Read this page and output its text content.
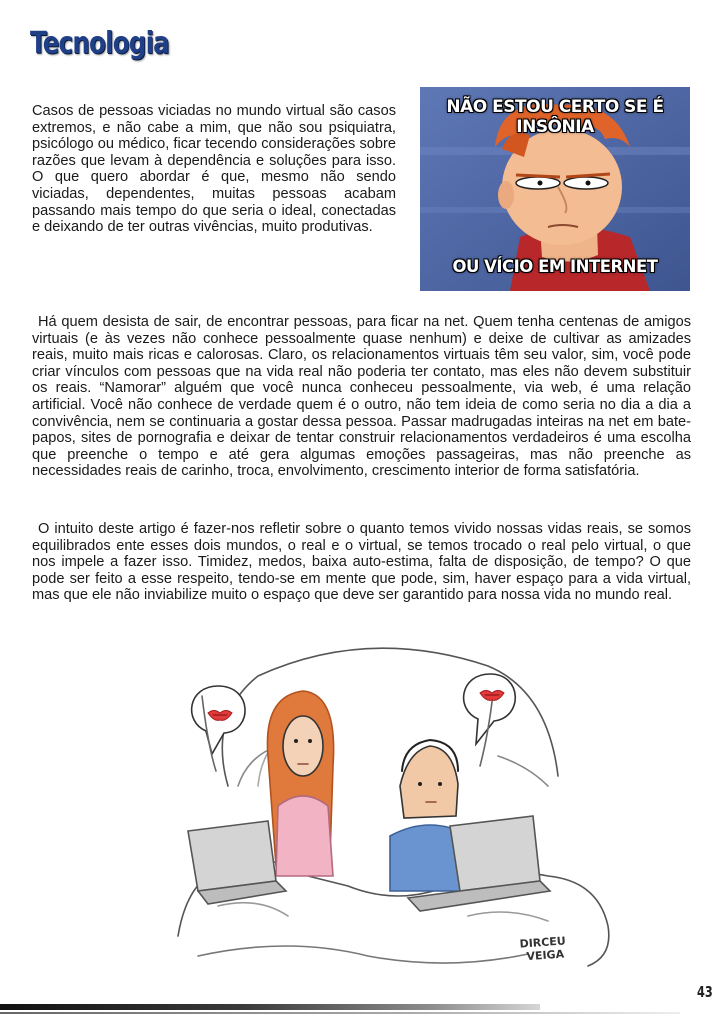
Tecnologia

Casos de pessoas viciadas no mundo virtual são casos extremos, e não cabe a mim, que não sou psiquiatra, psicólogo ou médico, ficar tecendo considerações sobre razões que levam à dependência e soluções para isso. O que quero abordar é que, mesmo não sendo viciadas, dependentes, muitas pessoas acabam passando mais tempo do que seria o ideal, conectadas e deixando de ter outras vivências, muito produtivas.

NÃO ESTOU CERTO SE É INSÔNIA
OU VÍCIO EM INTERNET

Há quem desista de sair, de encontrar pessoas, para ficar na net. Quem tenha centenas de amigos virtuais (e às vezes não conhece pessoalmente quase nenhum) e deixe de cultivar as amizades reais, muito mais ricas e calorosas. Claro, os relacionamentos virtuais têm seu valor, sim, você pode criar vínculos com pessoas que na vida real não poderia ter contato, mas eles não devem substituir os reais. “Namorar” alguém que você nunca conheceu pessoalmente, via web, é uma relação artificial. Você não conhece de verdade quem é o outro, não tem ideia de como seria no dia a dia a convivência, nem se continuaria a gostar dessa pessoa. Passar madrugadas inteiras na net em bate-papos, sites de pornografia e deixar de tentar construir relacionamentos verdadeiros é uma escolha que preenche o tempo e até gera algumas emoções passageiras, mas não preenche as necessidades reais de carinho, troca, envolvimento, crescimento interior de forma satisfatória.

O intuito deste artigo é fazer-nos refletir sobre o quanto temos vivido nossas vidas reais, se somos equilibrados ente esses dois mundos, o real e o virtual, se temos trocado o real pelo virtual, o que nos impele a fazer isso. Timidez, medos, baixa auto-estima, falta de disposição, de tempo? O que pode ser feito a esse respeito, tendo-se em mente que pode, sim, haver espaço para a vida virtual, mas que ele não inviabilize muito o espaço que deve ser garantido para nossa vida no mundo real.

DIRCEU
VEIGA
43
